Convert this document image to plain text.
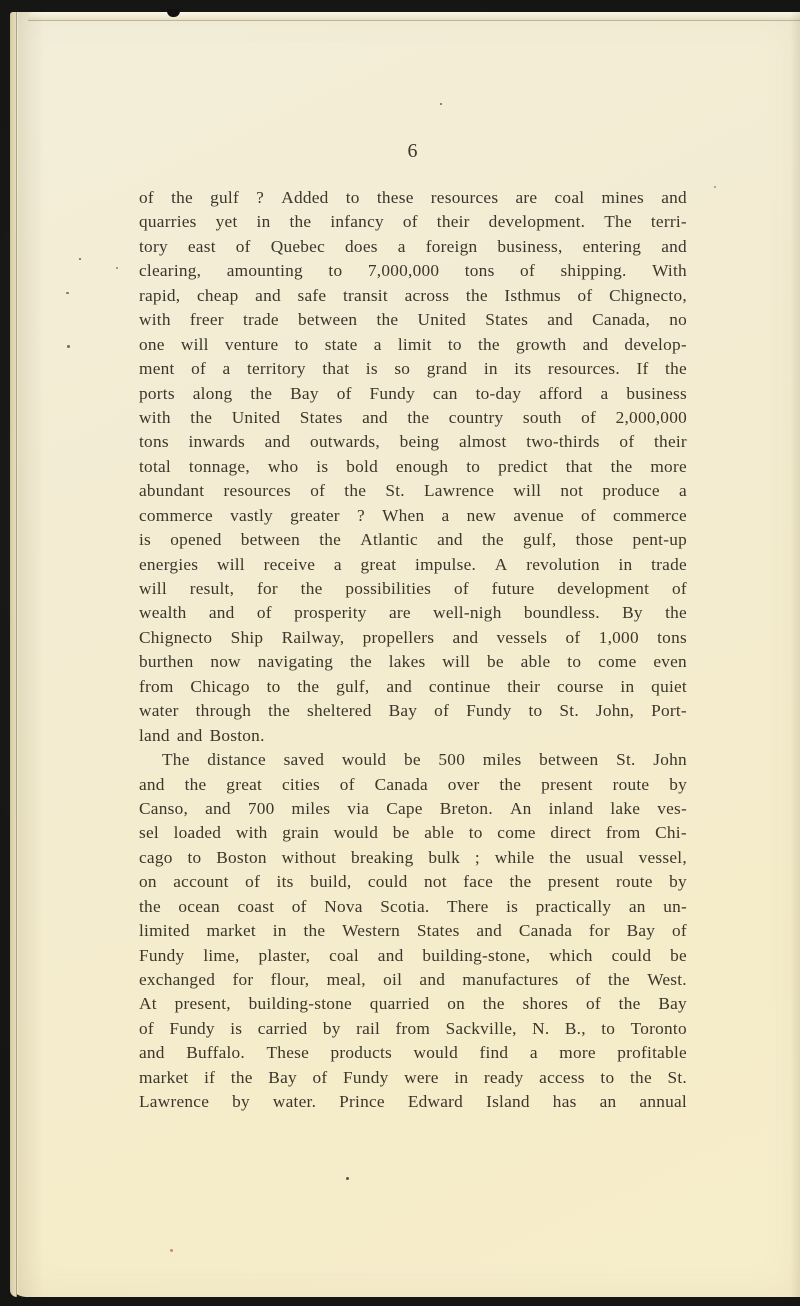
6
of the gulf ? Added to these resources are coal mines and
quarries yet in the infancy of their development. The terri-
tory east of Quebec does a foreign business, entering and
clearing, amounting to 7,000,000 tons of shipping. With
rapid, cheap and safe transit across the Isthmus of Chignecto,
with freer trade between the United States and Canada, no
one will venture to state a limit to the growth and develop-
ment of a territory that is so grand in its resources. If the
ports along the Bay of Fundy can to-day afford a business
with the United States and the country south of 2,000,000
tons inwards and outwards, being almost two-thirds of their
total tonnage, who is bold enough to predict that the more
abundant resources of the St. Lawrence will not produce a
commerce vastly greater ? When a new avenue of commerce
is opened between the Atlantic and the gulf, those pent-up
energies will receive a great impulse. A revolution in trade
will result, for the possibilities of future development of
wealth and of prosperity are well-nigh boundless. By the
Chignecto Ship Railway, propellers and vessels of 1,000 tons
burthen now navigating the lakes will be able to come even
from Chicago to the gulf, and continue their course in quiet
water through the sheltered Bay of Fundy to St. John, Port-
land and Boston.
The distance saved would be 500 miles between St. John
and the great cities of Canada over the present route by
Canso, and 700 miles via Cape Breton. An inland lake ves-
sel loaded with grain would be able to come direct from Chi-
cago to Boston without breaking bulk ; while the usual vessel,
on account of its build, could not face the present route by
the ocean coast of Nova Scotia. There is practically an un-
limited market in the Western States and Canada for Bay of
Fundy lime, plaster, coal and building-stone, which could be
exchanged for flour, meal, oil and manufactures of the West.
At present, building-stone quarried on the shores of the Bay
of Fundy is carried by rail from Sackville, N. B., to Toronto
and Buffalo. These products would find a more profitable
market if the Bay of Fundy were in ready access to the St.
Lawrence by water. Prince Edward Island has an annual
